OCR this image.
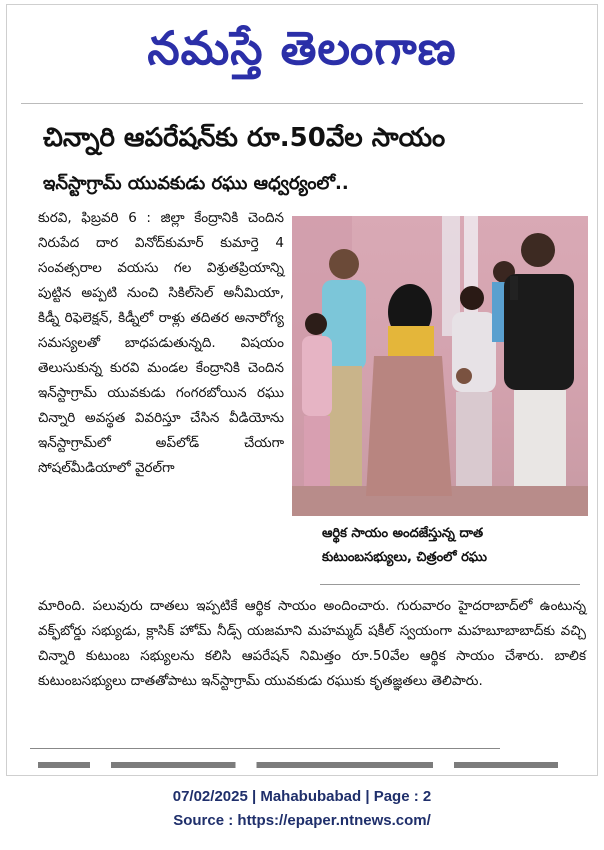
నమస్తే తెలంగాణ
చిన్నారి ఆపరేషన్‌కు రూ.50వేల సాయం
ఇన్‌స్టాగ్రామ్ యువకుడు రఘు ఆధ్వర్యంలో..
కురవి, ఫిబ్రవరి 6 : జిల్లా కేంద్రానికి చెందిన నిరుపేద దార వినోద్‌కుమార్ కుమార్తె 4 సంవత్సరాల వయసు గల విశ్రుతప్రియాన్ని పుట్టిన అప్పటి నుంచి సికిల్‌సెల్ అనీమియా, కిడ్నీ రిఫెలెక్షన్, కిడ్నీలో రాళ్లు తదితర అనారోగ్య సమస్యలతో బాధపడుతున్నది. విషయం తెలుసుకున్న కురవి మండల కేంద్రానికి చెందిన ఇన్‌స్టాగ్రామ్ యువకుడు గంగరబోయిన రఘు చిన్నారి అవస్థత వివరిస్తూ చేసిన వీడియోను ఇన్‌స్టాగ్రామ్‌లో అప్‌లోడ్ చేయగా సోషల్‌మీడియాలో వైరల్‌గా
ఆర్థిక సాయం అందజేస్తున్న దాత
కుటుంబసభ్యులు, చిత్రంలో రఘు
మారింది. పలువురు దాతలు ఇప్పటికే ఆర్థిక సాయం అందించారు. గురువారం హైదరాబాద్‌లో ఉంటున్న వక్ఫ్‌బోర్డు సభ్యుడు, క్లాసిక్ హోమ్ నీడ్స్ యజమాని మహమ్మద్ షకీల్ స్వయంగా మహబూబాబాద్‌కు వచ్చి చిన్నారి కుటుంబ సభ్యులను కలిసి ఆపరేషన్ నిమిత్తం రూ.50వేల ఆర్థిక సాయం చేశారు. బాలిక కుటుంబసభ్యులు దాతతోపాటు ఇన్‌స్టాగ్రామ్ యువకుడు రఘుకు కృతజ్ఞతలు తెలిపారు.
07/02/2025 | Mahabubabad | Page : 2
Source : https://epaper.ntnews.com/
